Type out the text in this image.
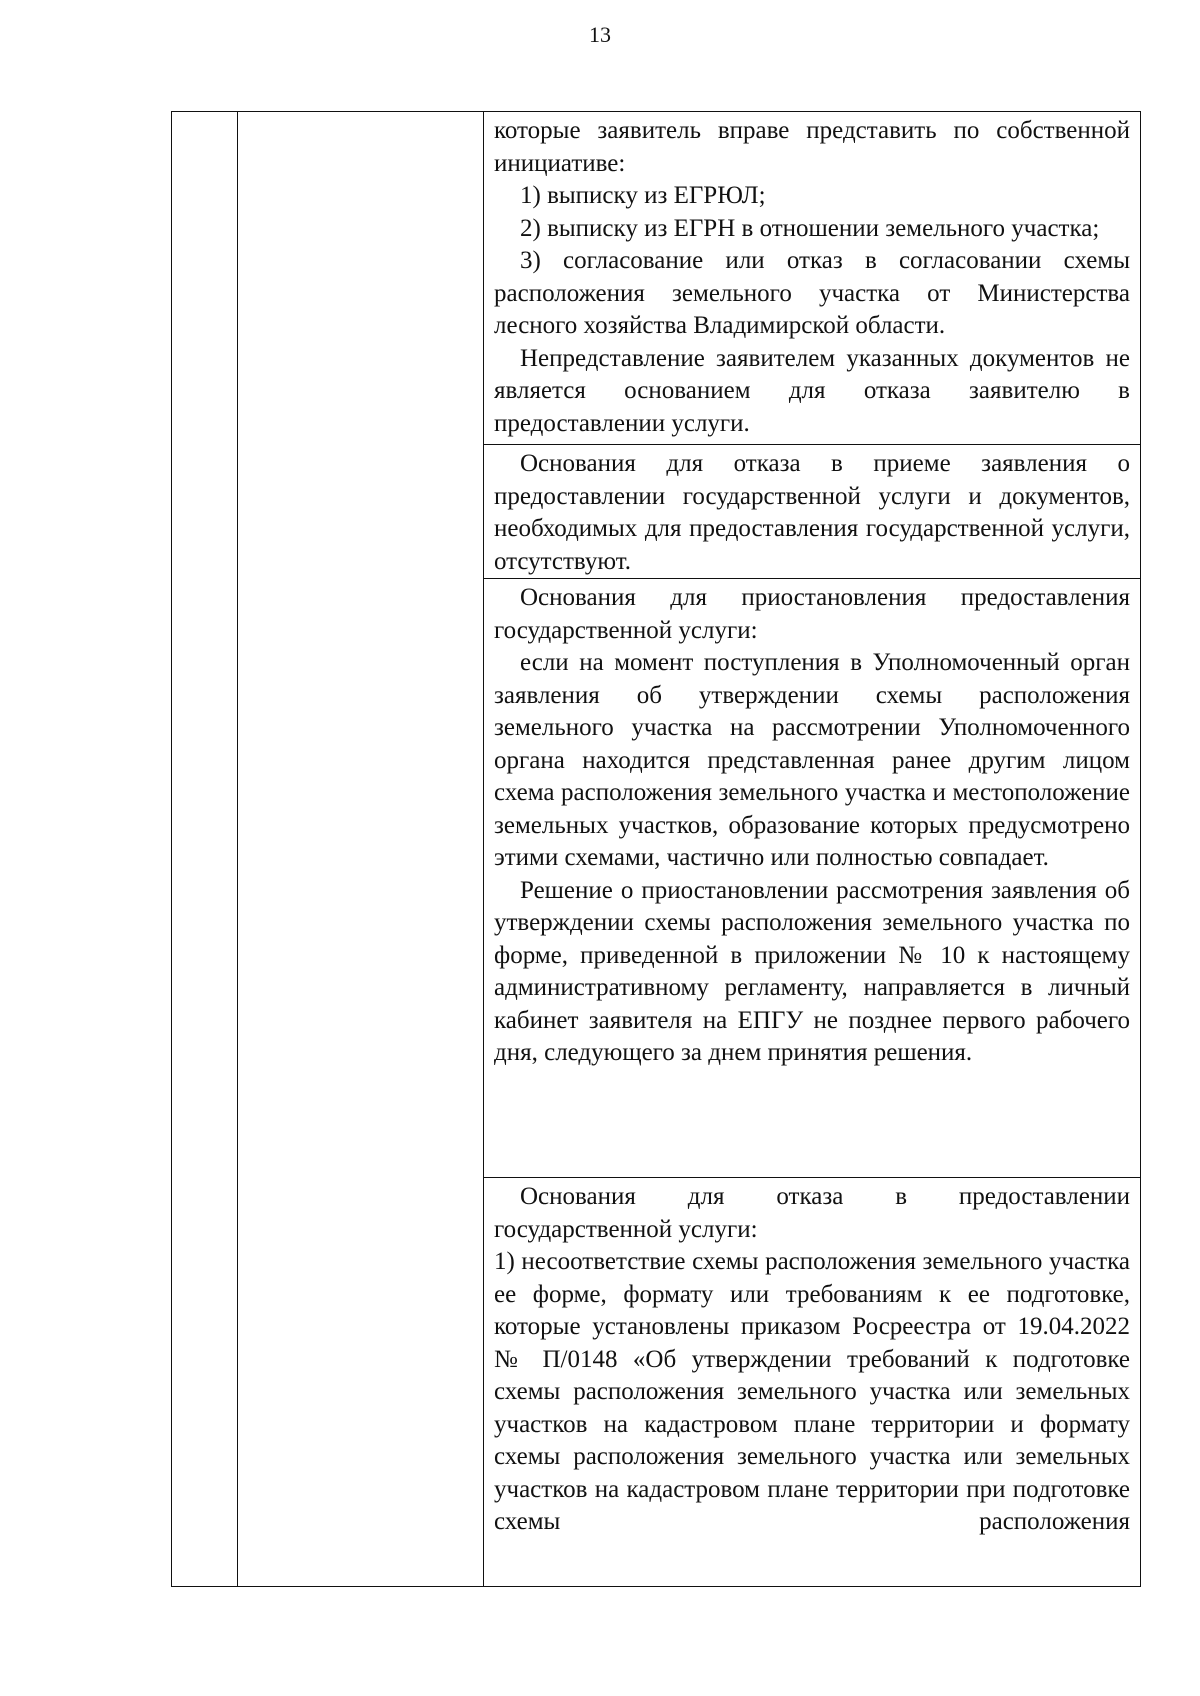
13

которые заявитель вправе представить по собственной инициативе:

1) выписку из ЕГРЮЛ;

2) выписку из ЕГРН в отношении земельного участка;

3) согласование или отказ в согласовании схемы расположения земельного участка от Министерства лесного хозяйства Владимирской области.

Непредставление заявителем указанных документов не является основанием для отказа заявителю в предоставлении услуги.

Основания для отказа в приеме заявления о предоставлении государственной услуги и документов, необходимых для предоставления государственной услуги, отсутствуют.

Основания для приостановления предоставления государственной услуги:

если на момент поступления в Уполномоченный орган заявления об утверждении схемы расположения земельного участка на рассмотрении Уполномоченного органа находится представленная ранее другим лицом схема расположения земельного участка и местоположение земельных участков, образование которых предусмотрено этими схемами, частично или полностью совпадает.

Решение о приостановлении рассмотрения заявления об утверждении схемы расположения земельного участка по форме, приведенной в приложении № 10 к настоящему административному регламенту, направляется в личный кабинет заявителя на ЕПГУ не позднее первого рабочего дня, следующего за днем принятия решения.

Основания для отказа в предоставлении государственной услуги:

1) несоответствие схемы расположения земельного участка ее форме, формату или требованиям к ее подготовке, которые установлены приказом Росреестра от 19.04.2022 № П/0148 «Об утверждении требований к подготовке схемы расположения земельного участка или земельных участков на кадастровом плане территории и формату схемы расположения земельного участка или земельных участков на кадастровом плане территории при подготовке схемы расположения
